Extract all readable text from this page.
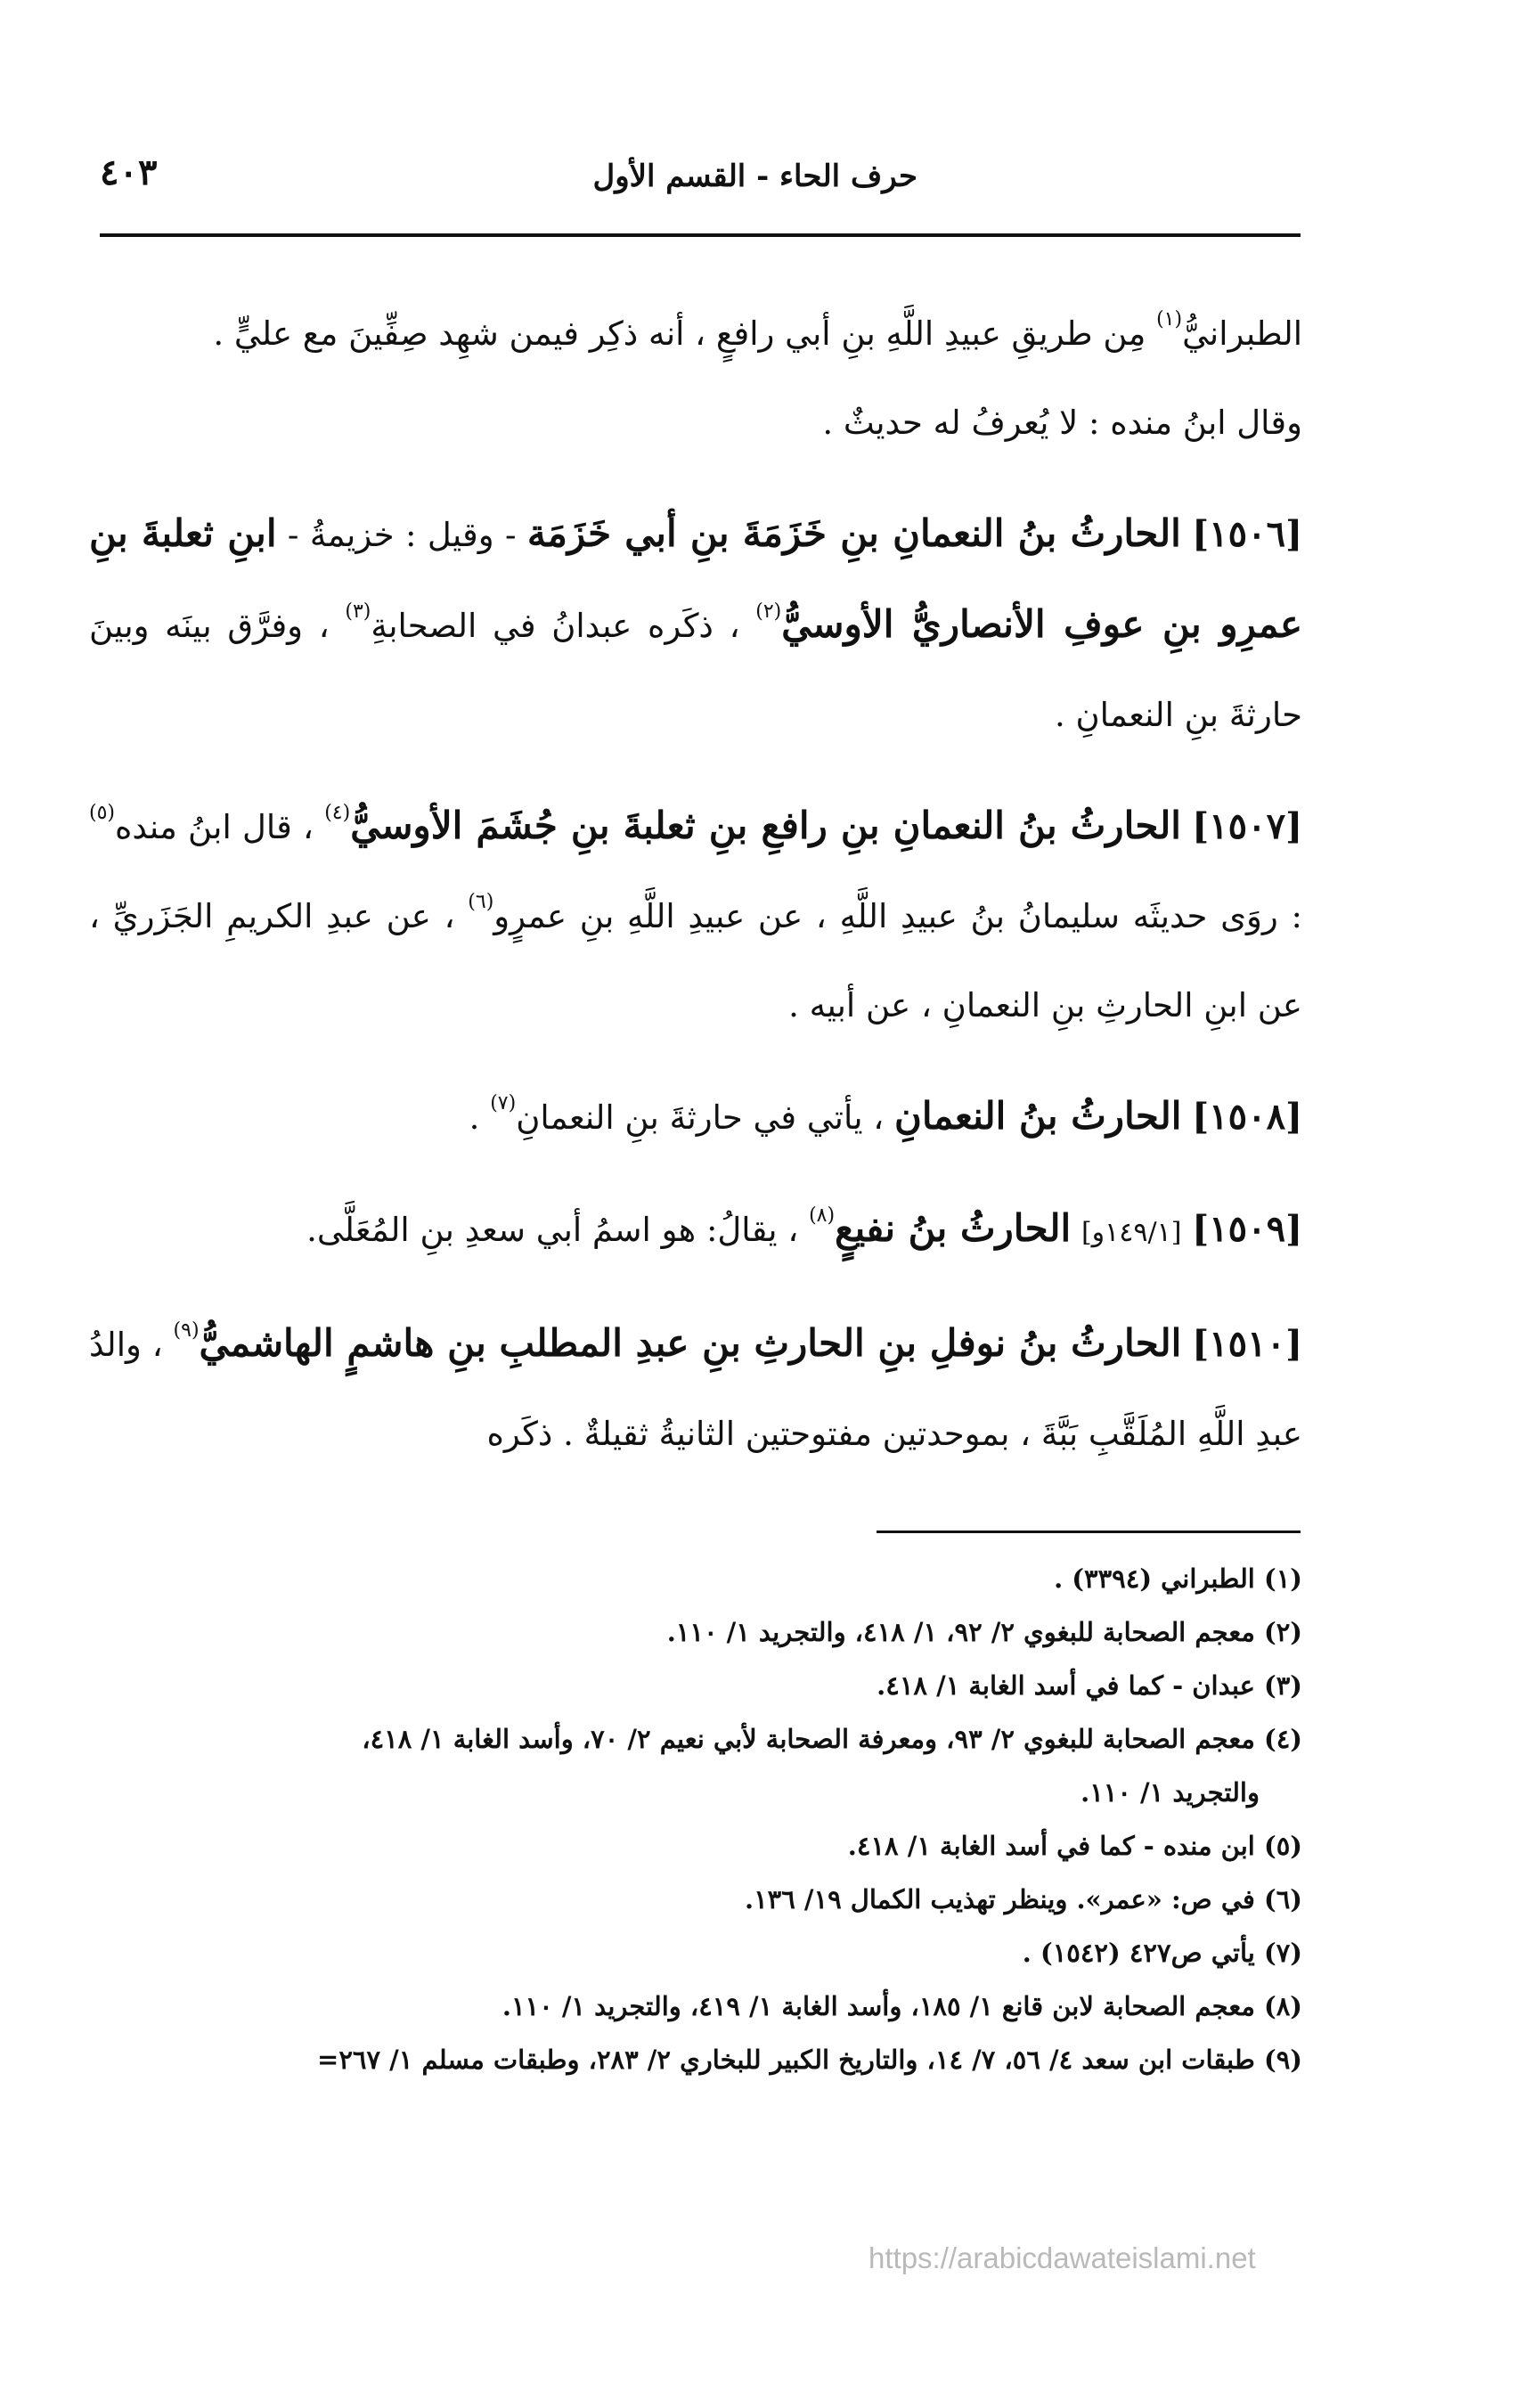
حرف الحاء - القسم الأول
٤٠٣

الطبرانيُّ$^{(١)}$ مِن طريقِ عبيدِ اللَّهِ بنِ أبي رافعٍ ، أنه ذكِر فيمن شهِد صِفِّينَ مع عليٍّ .

وقال ابنُ منده : لا يُعرفُ له حديثٌ .

[١٥٠٦] الحارثُ بنُ النعمانِ بنِ خَزَمَةَ بنِ أبي خَزَمَة - وقيل : خزيمةُ - ابنِ ثعلبةَ بنِ عمرِو بنِ عوفِ الأنصاريُّ الأوسيُّ$^{(٢)}$ ، ذكَره عبدانُ في الصحابةِ$^{(٣)}$ ، وفرَّق بينَه وبينَ حارثةَ بنِ النعمانِ .

[١٥٠٧] الحارثُ بنُ النعمانِ بنِ رافعِ بنِ ثعلبةَ بنِ جُشَمَ الأوسيُّ$^{(٤)}$ ، قال ابنُ منده$^{(٥)}$ : روَى حديثَه سليمانُ بنُ عبيدِ اللَّهِ ، عن عبيدِ اللَّهِ بنِ عمرٍو$^{(٦)}$ ، عن عبدِ الكريمِ الجَزَريِّ ، عن ابنِ الحارثِ بنِ النعمانِ ، عن أبيه .

[١٥٠٨] الحارثُ بنُ النعمانِ ، يأتي في حارثةَ بنِ النعمانِ$^{(٧)}$ .

[١٥٠٩] [١٤٩/١و] الحارثُ بنُ نفيعٍ$^{(٨)}$ ، يقالُ: هو اسمُ أبي سعدِ بنِ المُعَلَّى.

[١٥١٠] الحارثُ بنُ نوفلِ بنِ الحارثِ بنِ عبدِ المطلبِ بنِ هاشمٍ الهاشميُّ$^{(٩)}$ ، والدُ عبدِ اللَّهِ المُلَقَّبِ بَبَّةَ ، بموحدتين مفتوحتين الثانيةُ ثقيلةٌ . ذكَره

(١) الطبراني (٣٣٩٤) .

(٢) معجم الصحابة للبغوي ٢/ ٩٢، ١/ ٤١٨، والتجريد ١/ ١١٠.

(٣) عبدان - كما في أسد الغابة ١/ ٤١٨.

(٤) معجم الصحابة للبغوي ٢/ ٩٣، ومعرفة الصحابة لأبي نعيم ٢/ ٧٠، وأسد الغابة ١/ ٤١٨،
والتجريد ١/ ١١٠.

(٥) ابن منده - كما في أسد الغابة ١/ ٤١٨.

(٦) في ص: «عمر». وينظر تهذيب الكمال ١٩/ ١٣٦.

(٧) يأتي ص٤٢٧ (١٥٤٢) .

(٨) معجم الصحابة لابن قانع ١/ ١٨٥، وأسد الغابة ١/ ٤١٩، والتجريد ١/ ١١٠.

(٩) طبقات ابن سعد ٤/ ٥٦، ٧/ ١٤، والتاريخ الكبير للبخاري ٢/ ٢٨٣، وطبقات مسلم ١/ ٢٦٧=

https://arabicdawateislami.net
